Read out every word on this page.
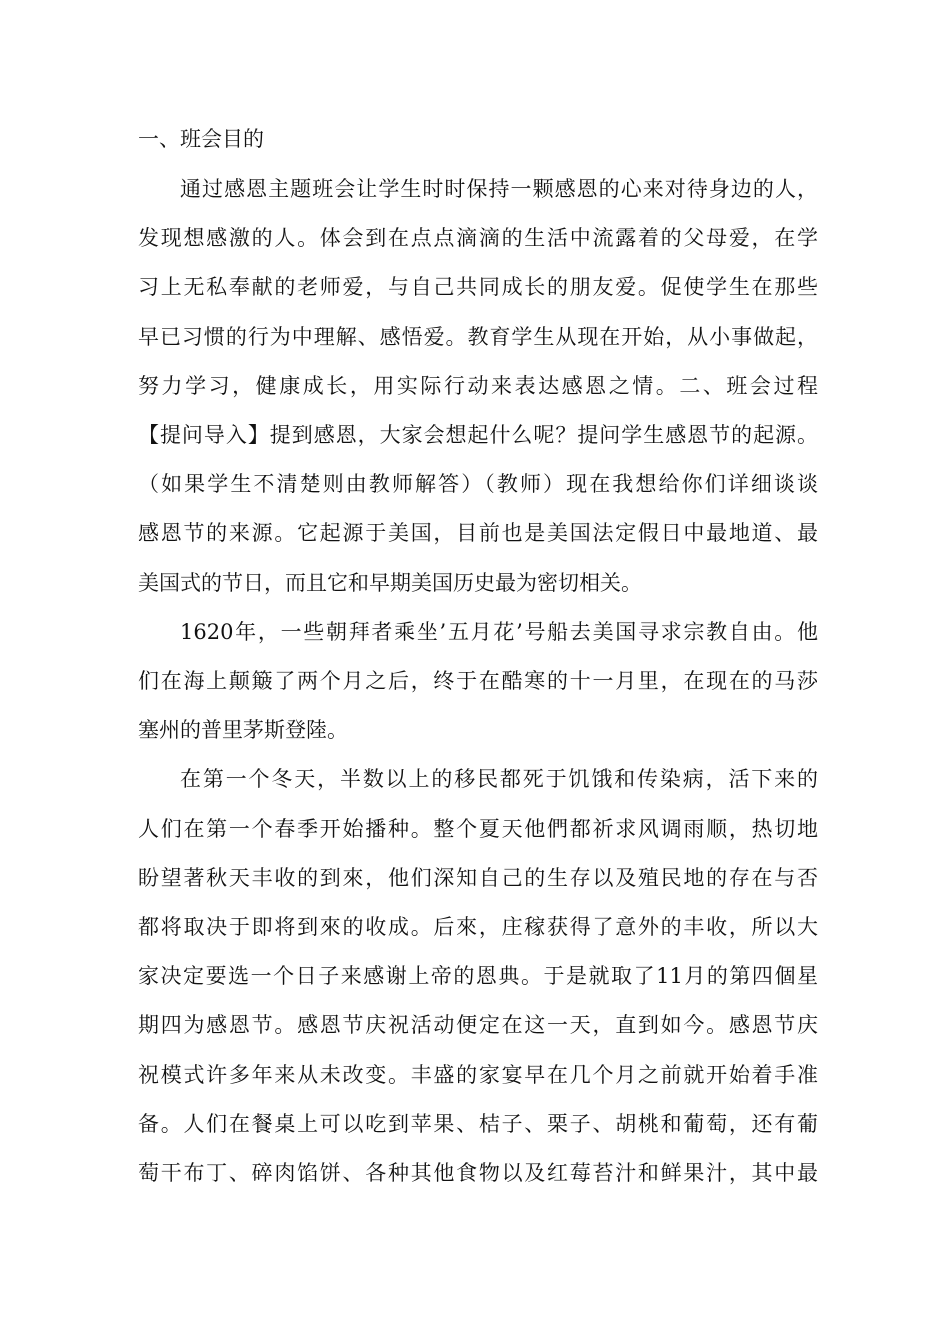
一、班会目的
通过感恩主题班会让学生时时保持一颗感恩的心来对待身边的人，
发现想感激的人。体会到在点点滴滴的生活中流露着的父母爱，在学
习上无私奉献的老师爱，与自己共同成长的朋友爱。促使学生在那些
早已习惯的行为中理解、感悟爱。教育学生从现在开始，从小事做起，
努力学习，健康成长，用实际行动来表达感恩之情。二、班会过程
【提问导入】提到感恩，大家会想起什么呢？提问学生感恩节的起源。
（如果学生不清楚则由教师解答）（教师）现在我想给你们详细谈谈
感恩节的来源。它起源于美国，目前也是美国法定假日中最地道、最
美国式的节日，而且它和早期美国历史最为密切相关。
1620年，一些朝拜者乘坐’五月花’号船去美国寻求宗教自由。他
们在海上颠簸了两个月之后，终于在酷寒的十一月里，在现在的马莎
塞州的普里茅斯登陸。
在第一个冬天，半数以上的移民都死于饥饿和传染病，活下来的
人们在第一个春季开始播种。整个夏天他們都祈求风调雨顺，热切地
盼望著秋天丰收的到來，他们深知自己的生存以及殖民地的存在与否
都将取决于即将到來的收成。后來，庄稼获得了意外的丰收，所以大
家决定要选一个日子来感谢上帝的恩典。于是就取了11月的第四個星
期四为感恩节。感恩节庆祝活动便定在这一天，直到如今。感恩节庆
祝模式许多年来从未改变。丰盛的家宴早在几个月之前就开始着手准
备。人们在餐桌上可以吃到苹果、桔子、栗子、胡桃和葡萄，还有葡
萄干布丁、碎肉馅饼、各种其他食物以及红莓苔汁和鲜果汁，其中最
